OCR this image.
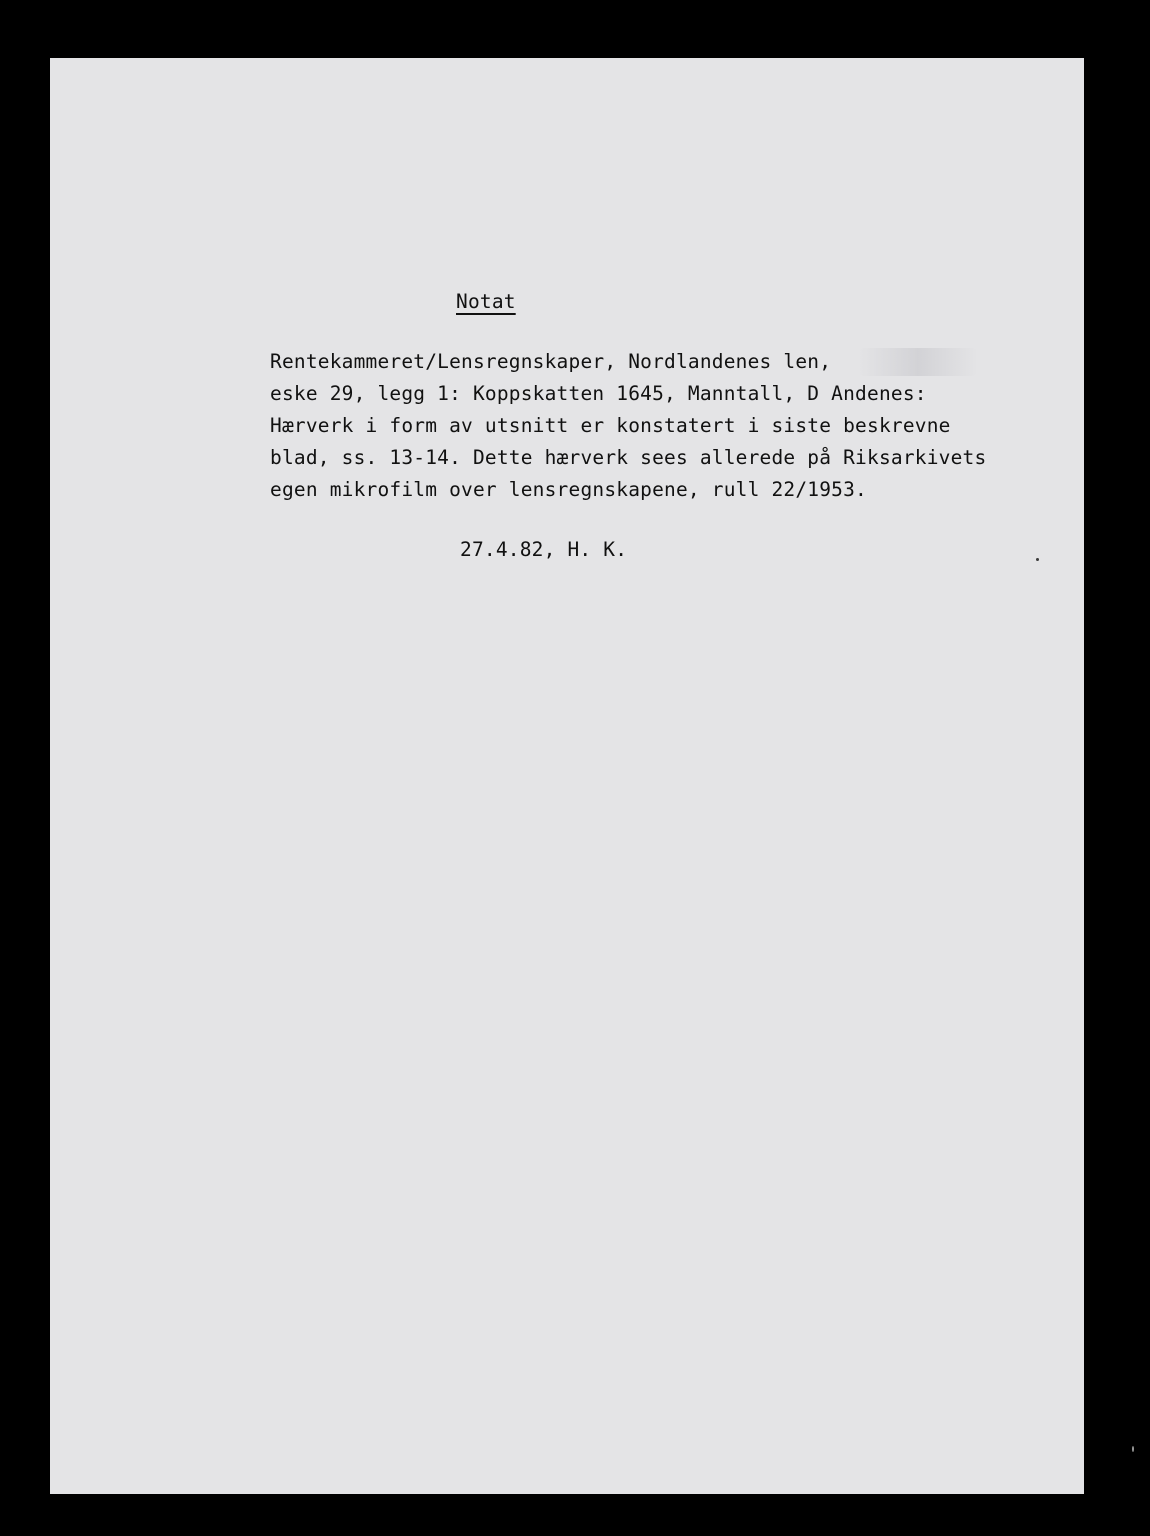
Notat
Rentekammeret/Lensregnskaper, Nordlandenes len,
eske 29, legg 1: Koppskatten 1645, Manntall, D Andenes:
Hærverk i form av utsnitt er konstatert i siste beskrevne
blad, ss. 13-14. Dette hærverk sees allerede på Riksarkivets
egen mikrofilm over lensregnskapene, rull 22/1953.
27.4.82, H. K.
